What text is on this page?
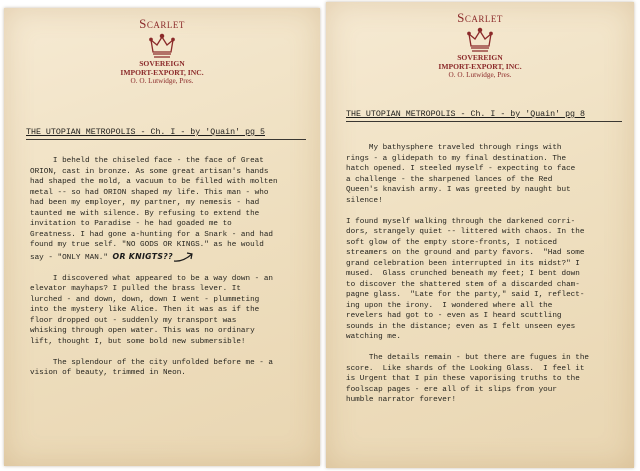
Scarlet
SOVEREIGN
IMPORT-EXPORT, INC.
O. O. Lutwidge, Pres.
THE UTOPIAN METROPOLIS - Ch. I - by 'Quain' pg 5

I beheld the chiseled face - the face of Great
ORION, cast in bronze. As some great artisan's hands
had shaped the mold, a vacuum to be filled with molten
metal -- so had ORION shaped my life. This man - who
had been my employer, my partner, my nemesis - had
taunted me with silence. By refusing to extend the
invitation to Paradise - he had goaded me to
Greatness. I had gone a-hunting for a Snark - and had
found my true self. "NO GODS OR KINGS." as he would
say - "ONLY MAN." OR KNIGTS??

I discovered what appeared to be a way down - an
elevator mayhaps? I pulled the brass lever. It
lurched - and down, down, down I went - plummeting
into the mystery like Alice. Then it was as if the
floor dropped out - suddenly my transport was
whisking through open water. This was no ordinary
lift, thought I, but some bold new submersible!

The splendour of the city unfolded before me - a
vision of beauty, trimmed in Neon.

Scarlet
SOVEREIGN
IMPORT-EXPORT, INC.
O. O. Lutwidge, Pres.
THE UTOPIAN METROPOLIS - Ch. I - by 'Quain' pg 8

My bathysphere traveled through rings with
rings - a glidepath to my final destination. The
hatch opened. I steeled myself - expecting to face
a challenge - the sharpened lances of the Red
Queen's knavish army. I was greeted by naught but
silence!

I found myself walking through the darkened corri-
dors, strangely quiet -- littered with chaos. In the
soft glow of the empty store-fronts, I noticed
streamers on the ground and party favors.  "Had some
grand celebration been interrupted in its midst?" I
mused.  Glass crunched beneath my feet; I bent down
to discover the shattered stem of a discarded cham-
pagne glass.  "Late for the party," said I, reflect-
ing upon the irony.  I wondered where all the
revelers had got to - even as I heard scuttling
sounds in the distance; even as I felt unseen eyes
watching me.

The details remain - but there are fugues in the
score.  Like shards of the Looking Glass.  I feel it
is Urgent that I pin these vaporising truths to the
foolscap pages - ere all of it slips from your
humble narrator forever!
